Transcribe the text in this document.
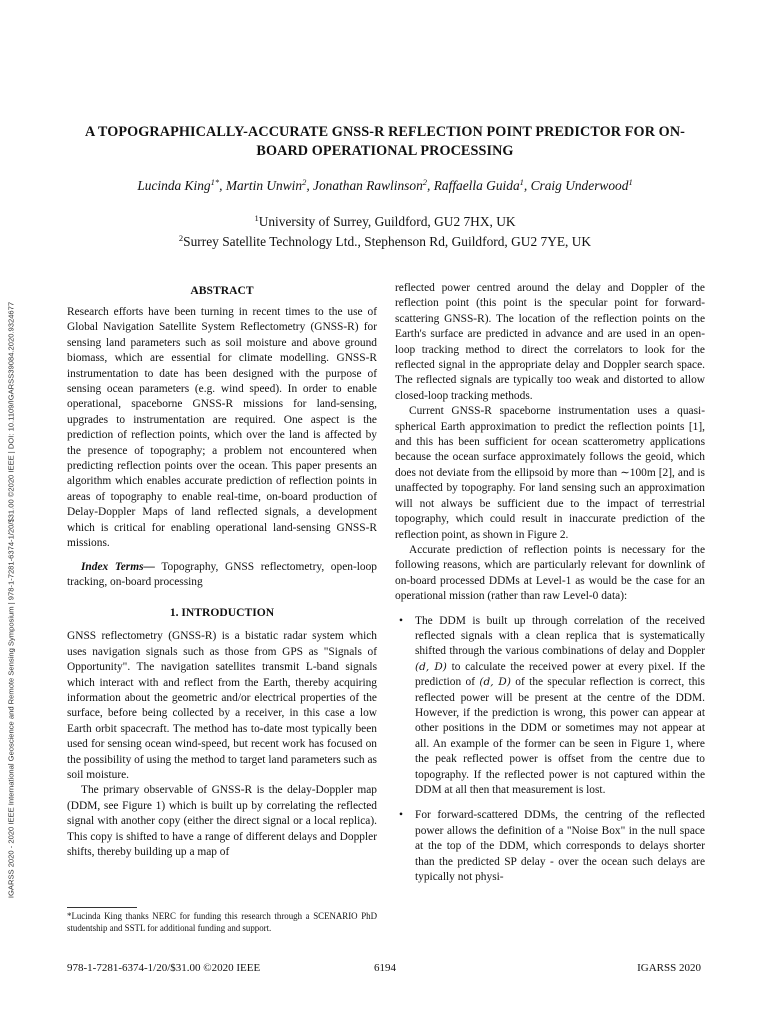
IGARSS 2020 - 2020 IEEE International Geoscience and Remote Sensing Symposium | 978-1-7281-6374-1/20/$31.00 ©2020 IEEE | DOI: 10.1109/IGARSS39084.2020.9324677
A TOPOGRAPHICALLY-ACCURATE GNSS-R REFLECTION POINT PREDICTOR FOR ON-BOARD OPERATIONAL PROCESSING
Lucinda King$^{1*}$, Martin Unwin$^2$, Jonathan Rawlinson$^2$, Raffaella Guida$^1$, Craig Underwood$^1$
$^1$University of Surrey, Guildford, GU2 7HX, UK
$^2$Surrey Satellite Technology Ltd., Stephenson Rd, Guildford, GU2 7YE, UK
ABSTRACT

Research efforts have been turning in recent times to the use of Global Navigation Satellite System Reflectometry (GNSS-R) for sensing land parameters such as soil moisture and above ground biomass, which are essential for climate modelling. GNSS-R instrumentation to date has been designed with the purpose of sensing ocean parameters (e.g. wind speed). In order to enable operational, spaceborne GNSS-R missions for land-sensing, upgrades to instrumentation are required. One aspect is the prediction of reflection points, which over the land is affected by the presence of topography; a problem not encountered when predicting reflection points over the ocean. This paper presents an algorithm which enables accurate prediction of reflection points in areas of topography to enable real-time, on-board production of Delay-Doppler Maps of land reflected signals, a development which is critical for enabling operational land-sensing GNSS-R missions.

Index Terms— Topography, GNSS reflectometry, open-loop tracking, on-board processing

1. INTRODUCTION

GNSS reflectometry (GNSS-R) is a bistatic radar system which uses navigation signals such as those from GPS as "Signals of Opportunity". The navigation satellites transmit L-band signals which interact with and reflect from the Earth, thereby acquiring information about the geometric and/or electrical properties of the surface, before being collected by a receiver, in this case a low Earth orbit spacecraft. The method has to-date most typically been used for sensing ocean wind-speed, but recent work has focused on the possibility of using the method to target land parameters such as soil moisture.

The primary observable of GNSS-R is the delay-Doppler map (DDM, see Figure 1) which is built up by correlating the reflected signal with another copy (either the direct signal or a local replica). This copy is shifted to have a range of different delays and Doppler shifts, thereby building up a map of

reflected power centred around the delay and Doppler of the reflection point (this point is the specular point for forward-scattering GNSS-R). The location of the reflection points on the Earth's surface are predicted in advance and are used in an open-loop tracking method to direct the correlators to look for the reflected signal in the appropriate delay and Doppler search space. The reflected signals are typically too weak and distorted to allow closed-loop tracking methods.

Current GNSS-R spaceborne instrumentation uses a quasi-spherical Earth approximation to predict the reflection points [1], and this has been sufficient for ocean scatterometry applications because the ocean surface approximately follows the geoid, which does not deviate from the ellipsoid by more than ∼100m [2], and is unaffected by topography. For land sensing such an approximation will not always be sufficient due to the impact of terrestrial topography, which could result in inaccurate prediction of the reflection point, as shown in Figure 2.

Accurate prediction of reflection points is necessary for the following reasons, which are particularly relevant for downlink of on-board processed DDMs at Level-1 as would be the case for an operational mission (rather than raw Level-0 data):

• The DDM is built up through correlation of the received reflected signals with a clean replica that is systematically shifted through the various combinations of delay and Doppler (d, D) to calculate the received power at every pixel. If the prediction of (d, D) of the specular reflection is correct, this reflected power will be present at the centre of the DDM. However, if the prediction is wrong, this power can appear at other positions in the DDM or sometimes may not appear at all. An example of the former can be seen in Figure 1, where the peak reflected power is offset from the centre due to topography. If the reflected power is not captured within the DDM at all then that measurement is lost.

• For forward-scattered DDMs, the centring of the reflected power allows the definition of a "Noise Box" in the null space at the top of the DDM, which corresponds to delays shorter than the predicted SP delay - over the ocean such delays are typically not physi-

*Lucinda King thanks NERC for funding this research through a SCENARIO PhD studentship and SSTL for additional funding and support.
978-1-7281-6374-1/20/$31.00 ©2020 IEEE	6194	IGARSS 2020
